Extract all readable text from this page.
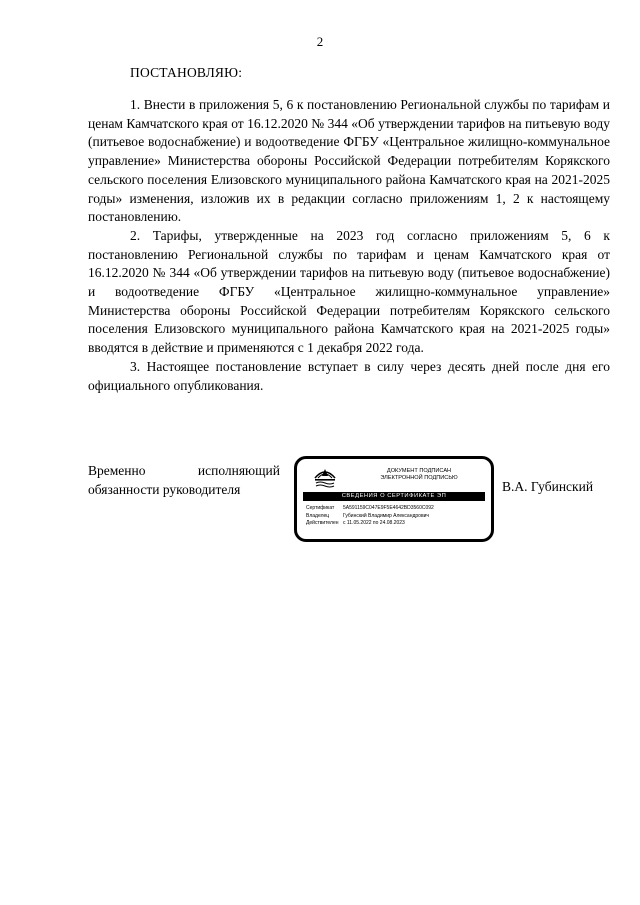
2
ПОСТАНОВЛЯЮ:

1. Внести в приложения 5, 6 к постановлению Региональной службы по тарифам и ценам Камчатского края от 16.12.2020 № 344 «Об утверждении тарифов на питьевую воду (питьевое водоснабжение) и водоотведение ФГБУ «Центральное жилищно-коммунальное управление» Министерства обороны Российской Федерации потребителям Корякского сельского поселения Елизовского муниципального района Камчатского края на 2021-2025 годы» изменения, изложив их в редакции согласно приложениям 1, 2 к настоящему постановлению.

2. Тарифы, утвержденные на 2023 год согласно приложениям 5, 6 к постановлению Региональной службы по тарифам и ценам Камчатского края от 16.12.2020 № 344 «Об утверждении тарифов на питьевую воду (питьевое водоснабжение) и водоотведение ФГБУ «Центральное жилищно-коммунальное управление» Министерства обороны Российской Федерации потребителям Корякского сельского поселения Елизовского муниципального района Камчатского края на 2021-2025 годы» вводятся в действие и применяются с 1 декабря 2022 года.

3. Настоящее постановление вступает в силу через десять дней после дня его официального опубликования.

Временно	исполняющий
обязанности руководителя
ДОКУМЕНТ ПОДПИСАН
ЭЛЕКТРОННОЙ ПОДПИСЬЮ
СВЕДЕНИЯ О СЕРТИФИКАТЕ ЭП
Сертификат	5A591159C047E9F5E4642BD3560C092
Владелец	Губинский Владимир Александрович
Действителен с 11.05.2022 по 24.08.2023
В.А. Губинский
